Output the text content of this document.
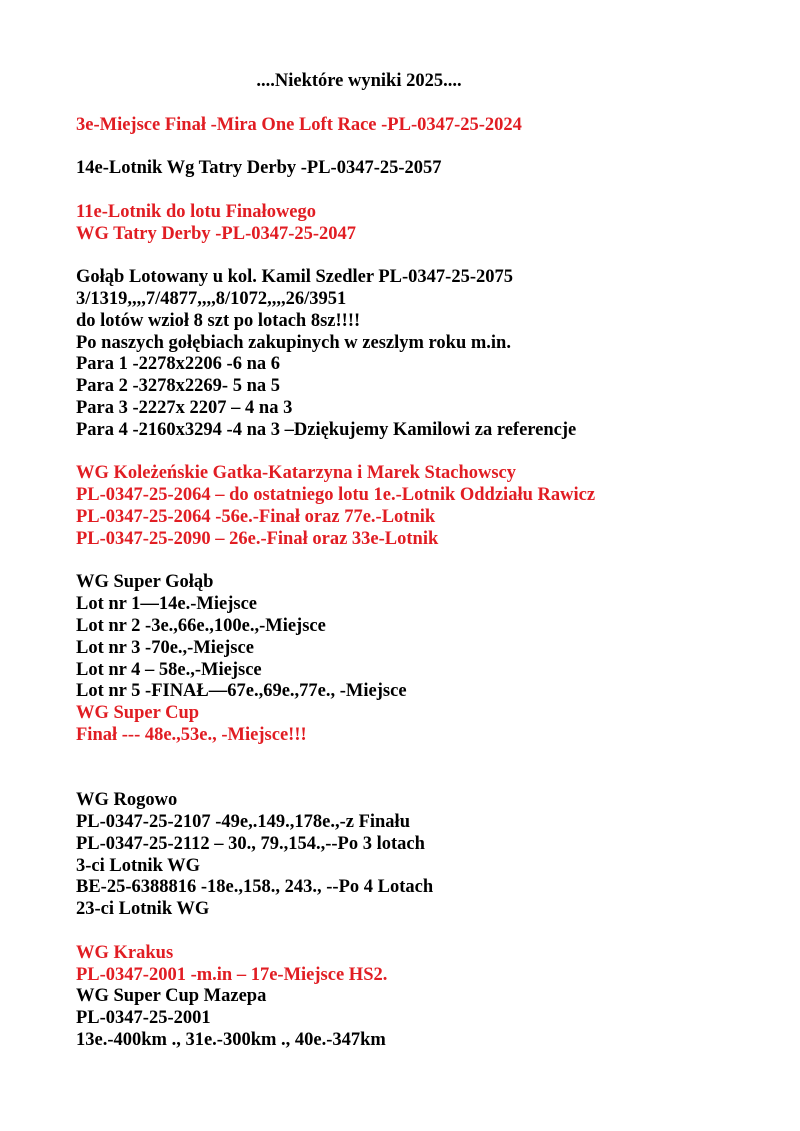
....Niektóre wyniki 2025....

3e-Miejsce Finał -Mira One Loft Race -PL-0347-25-2024

14e-Lotnik Wg Tatry Derby -PL-0347-25-2057

11e-Lotnik do lotu Finałowego

WG Tatry Derby -PL-0347-25-2047

Gołąb Lotowany u kol. Kamil Szedler PL-0347-25-2075

3/1319,,,,7/4877,,,,8/1072,,,,26/3951

do lotów wzioł 8 szt po lotach 8sz!!!!

Po naszych gołębiach zakupinych w zeszlym roku m.in.

Para 1 -2278x2206 -6 na 6

Para 2 -3278x2269- 5 na 5

Para 3 -2227x 2207 – 4 na 3

Para 4 -2160x3294 -4 na 3 –Dziękujemy Kamilowi za referencje

WG Koleżeńskie Gatka-Katarzyna i Marek Stachowscy

PL-0347-25-2064 – do ostatniego lotu 1e.-Lotnik Oddziału Rawicz

PL-0347-25-2064 -56e.-Finał oraz 77e.-Lotnik

PL-0347-25-2090 – 26e.-Finał oraz 33e-Lotnik

WG Super Gołąb

Lot nr 1—14e.-Miejsce

Lot nr 2 -3e.,66e.,100e.,-Miejsce

Lot nr 3 -70e.,-Miejsce

Lot nr 4 – 58e.,-Miejsce

Lot nr 5 -FINAŁ—67e.,69e.,77e., -Miejsce

WG Super Cup

Finał --- 48e.,53e., -Miejsce!!!

WG Rogowo

PL-0347-25-2107 -49e,.149.,178e.,-z Finału

PL-0347-25-2112 – 30., 79.,154.,--Po 3 lotach

3-ci Lotnik WG

BE-25-6388816 -18e.,158., 243., --Po 4 Lotach

23-ci Lotnik WG

WG Krakus

PL-0347-2001 -m.in – 17e-Miejsce HS2.

WG Super Cup Mazepa

PL-0347-25-2001

13e.-400km ., 31e.-300km ., 40e.-347km
